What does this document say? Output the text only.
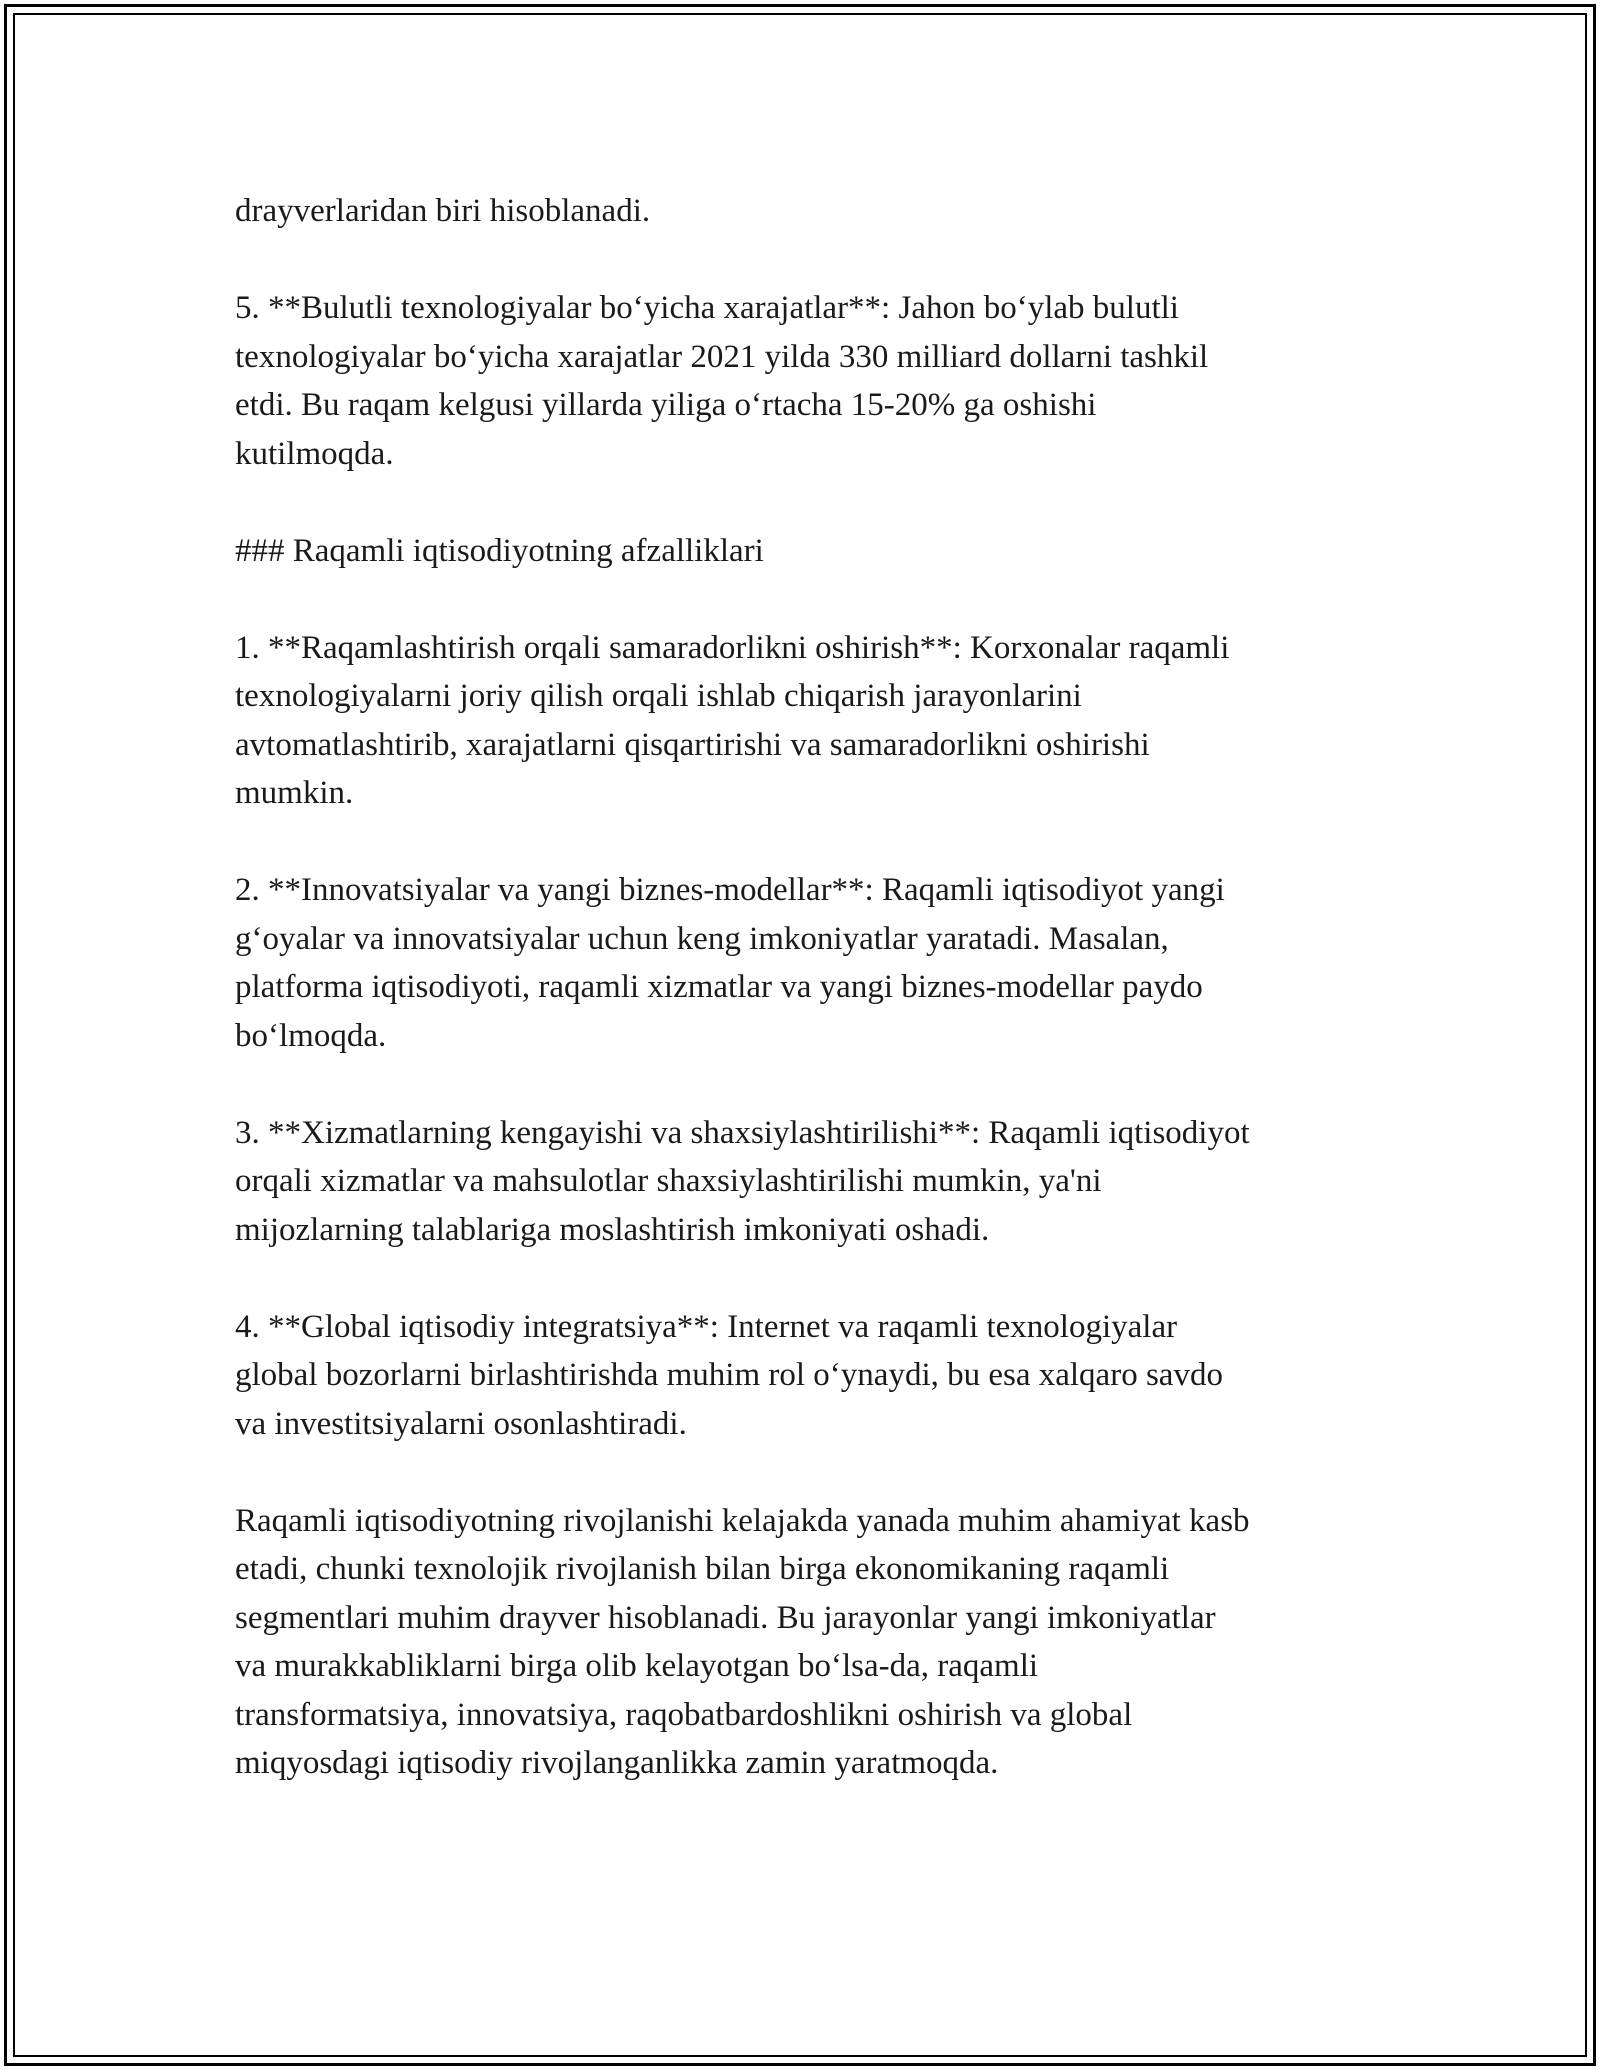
drayverlaridan biri hisoblanadi.

5. **Bulutli texnologiyalar bo‘yicha xarajatlar**: Jahon bo‘ylab bulutli
texnologiyalar bo‘yicha xarajatlar 2021 yilda 330 milliard dollarni tashkil
etdi. Bu raqam kelgusi yillarda yiliga o‘rtacha 15-20% ga oshishi
kutilmoqda.

### Raqamli iqtisodiyotning afzalliklari

1. **Raqamlashtirish orqali samaradorlikni oshirish**: Korxonalar raqamli
texnologiyalarni joriy qilish orqali ishlab chiqarish jarayonlarini
avtomatlashtirib, xarajatlarni qisqartirishi va samaradorlikni oshirishi
mumkin.

2. **Innovatsiyalar va yangi biznes-modellar**: Raqamli iqtisodiyot yangi
g‘oyalar va innovatsiyalar uchun keng imkoniyatlar yaratadi. Masalan,
platforma iqtisodiyoti, raqamli xizmatlar va yangi biznes-modellar paydo
bo‘lmoqda.

3. **Xizmatlarning kengayishi va shaxsiylashtirilishi**: Raqamli iqtisodiyot
orqali xizmatlar va mahsulotlar shaxsiylashtirilishi mumkin, ya'ni
mijozlarning talablariga moslashtirish imkoniyati oshadi.

4. **Global iqtisodiy integratsiya**: Internet va raqamli texnologiyalar
global bozorlarni birlashtirishda muhim rol o‘ynaydi, bu esa xalqaro savdo
va investitsiyalarni osonlashtiradi.

Raqamli iqtisodiyotning rivojlanishi kelajakda yanada muhim ahamiyat kasb
etadi, chunki texnolojik rivojlanish bilan birga ekonomikaning raqamli
segmentlari muhim drayver hisoblanadi. Bu jarayonlar yangi imkoniyatlar
va murakkabliklarni birga olib kelayotgan bo‘lsa-da, raqamli
transformatsiya, innovatsiya, raqobatbardoshlikni oshirish va global
miqyosdagi iqtisodiy rivojlanganlikka zamin yaratmoqda.
